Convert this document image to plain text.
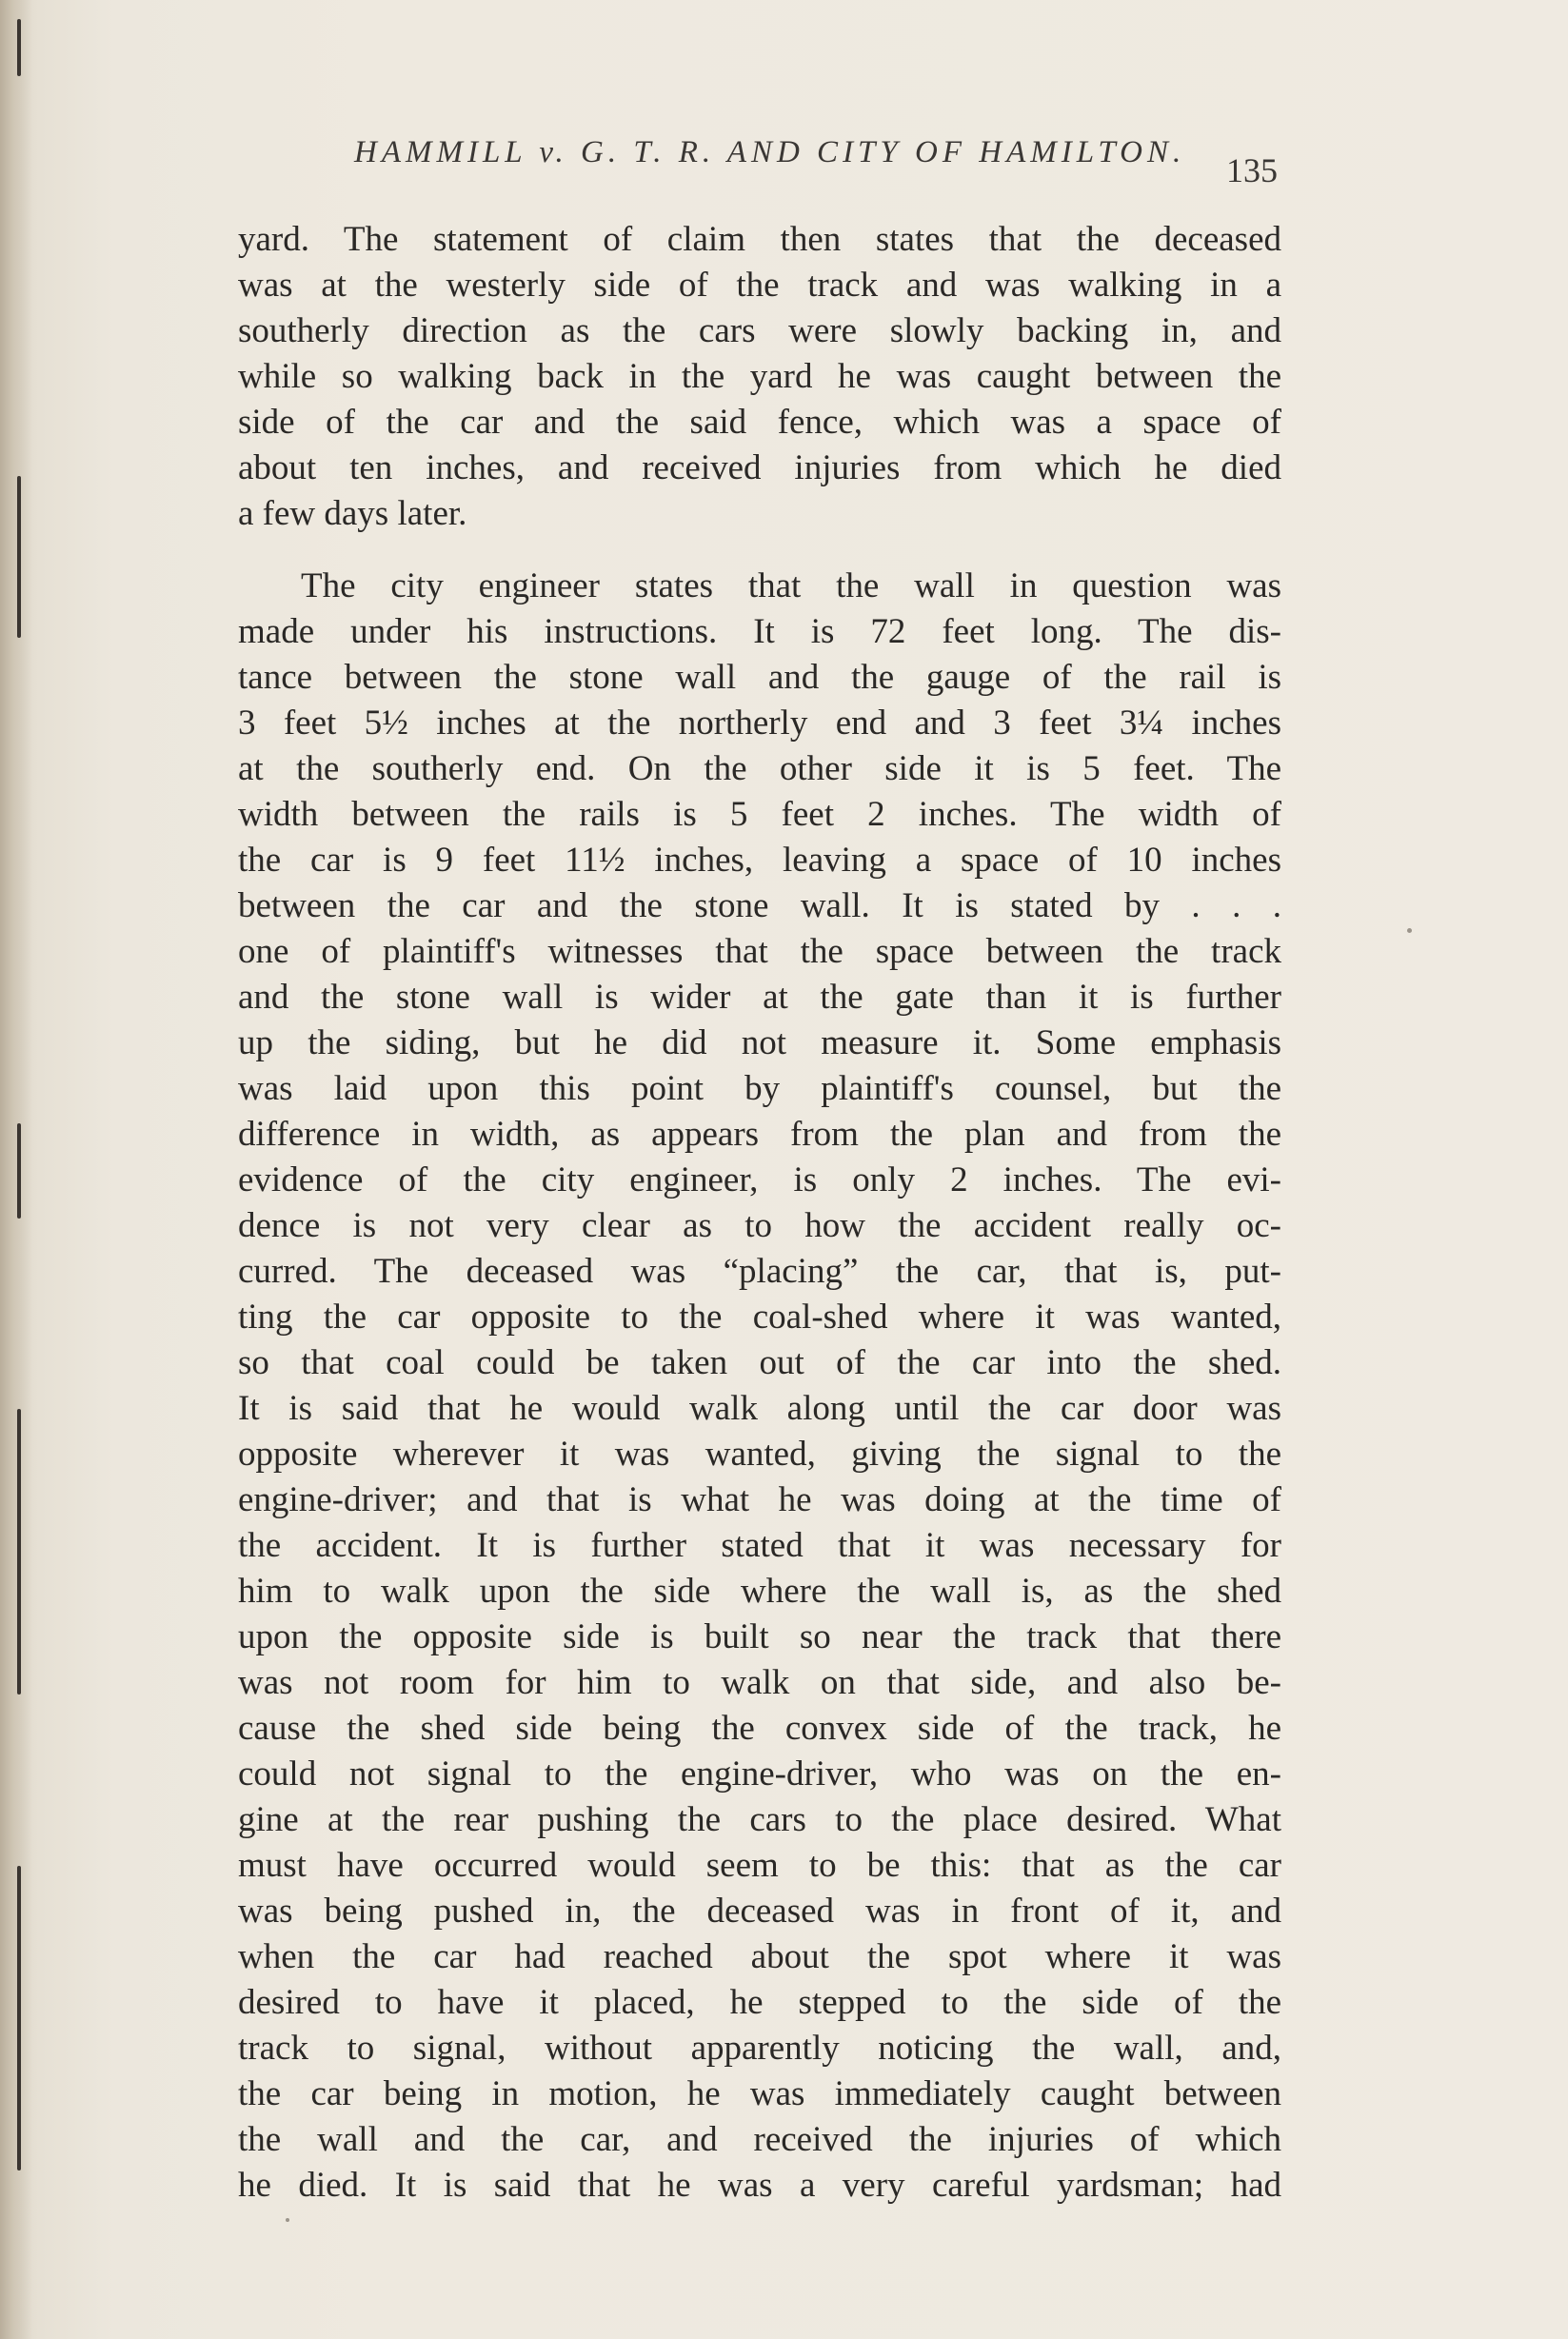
HAMMILL v. G. T. R. AND CITY OF HAMILTON.	135

yard. The statement of claim then states that the deceased
was at the westerly side of the track and was walking in a
southerly direction as the cars were slowly backing in, and
while so walking back in the yard he was caught between the
side of the car and the said fence, which was a space of
about ten inches, and received injuries from which he died
a few days later.

The city engineer states that the wall in question was
made under his instructions. It is 72 feet long. The dis-
tance between the stone wall and the gauge of the rail is
3 feet 5½ inches at the northerly end and 3 feet 3¼ inches
at the southerly end. On the other side it is 5 feet. The
width between the rails is 5 feet 2 inches. The width of
the car is 9 feet 11½ inches, leaving a space of 10 inches
between the car and the stone wall. It is stated by . . .
one of plaintiff's witnesses that the space between the track
and the stone wall is wider at the gate than it is further
up the siding, but he did not measure it. Some emphasis
was laid upon this point by plaintiff's counsel, but the
difference in width, as appears from the plan and from the
evidence of the city engineer, is only 2 inches. The evi-
dence is not very clear as to how the accident really oc-
curred. The deceased was “placing” the car, that is, put-
ting the car opposite to the coal-shed where it was wanted,
so that coal could be taken out of the car into the shed.
It is said that he would walk along until the car door was
opposite wherever it was wanted, giving the signal to the
engine-driver; and that is what he was doing at the time of
the accident. It is further stated that it was necessary for
him to walk upon the side where the wall is, as the shed
upon the opposite side is built so near the track that there
was not room for him to walk on that side, and also be-
cause the shed side being the convex side of the track, he
could not signal to the engine-driver, who was on the en-
gine at the rear pushing the cars to the place desired. What
must have occurred would seem to be this: that as the car
was being pushed in, the deceased was in front of it, and
when the car had reached about the spot where it was
desired to have it placed, he stepped to the side of the
track to signal, without apparently noticing the wall, and,
the car being in motion, he was immediately caught between
the wall and the car, and received the injuries of which
he died. It is said that he was a very careful yardsman; had
